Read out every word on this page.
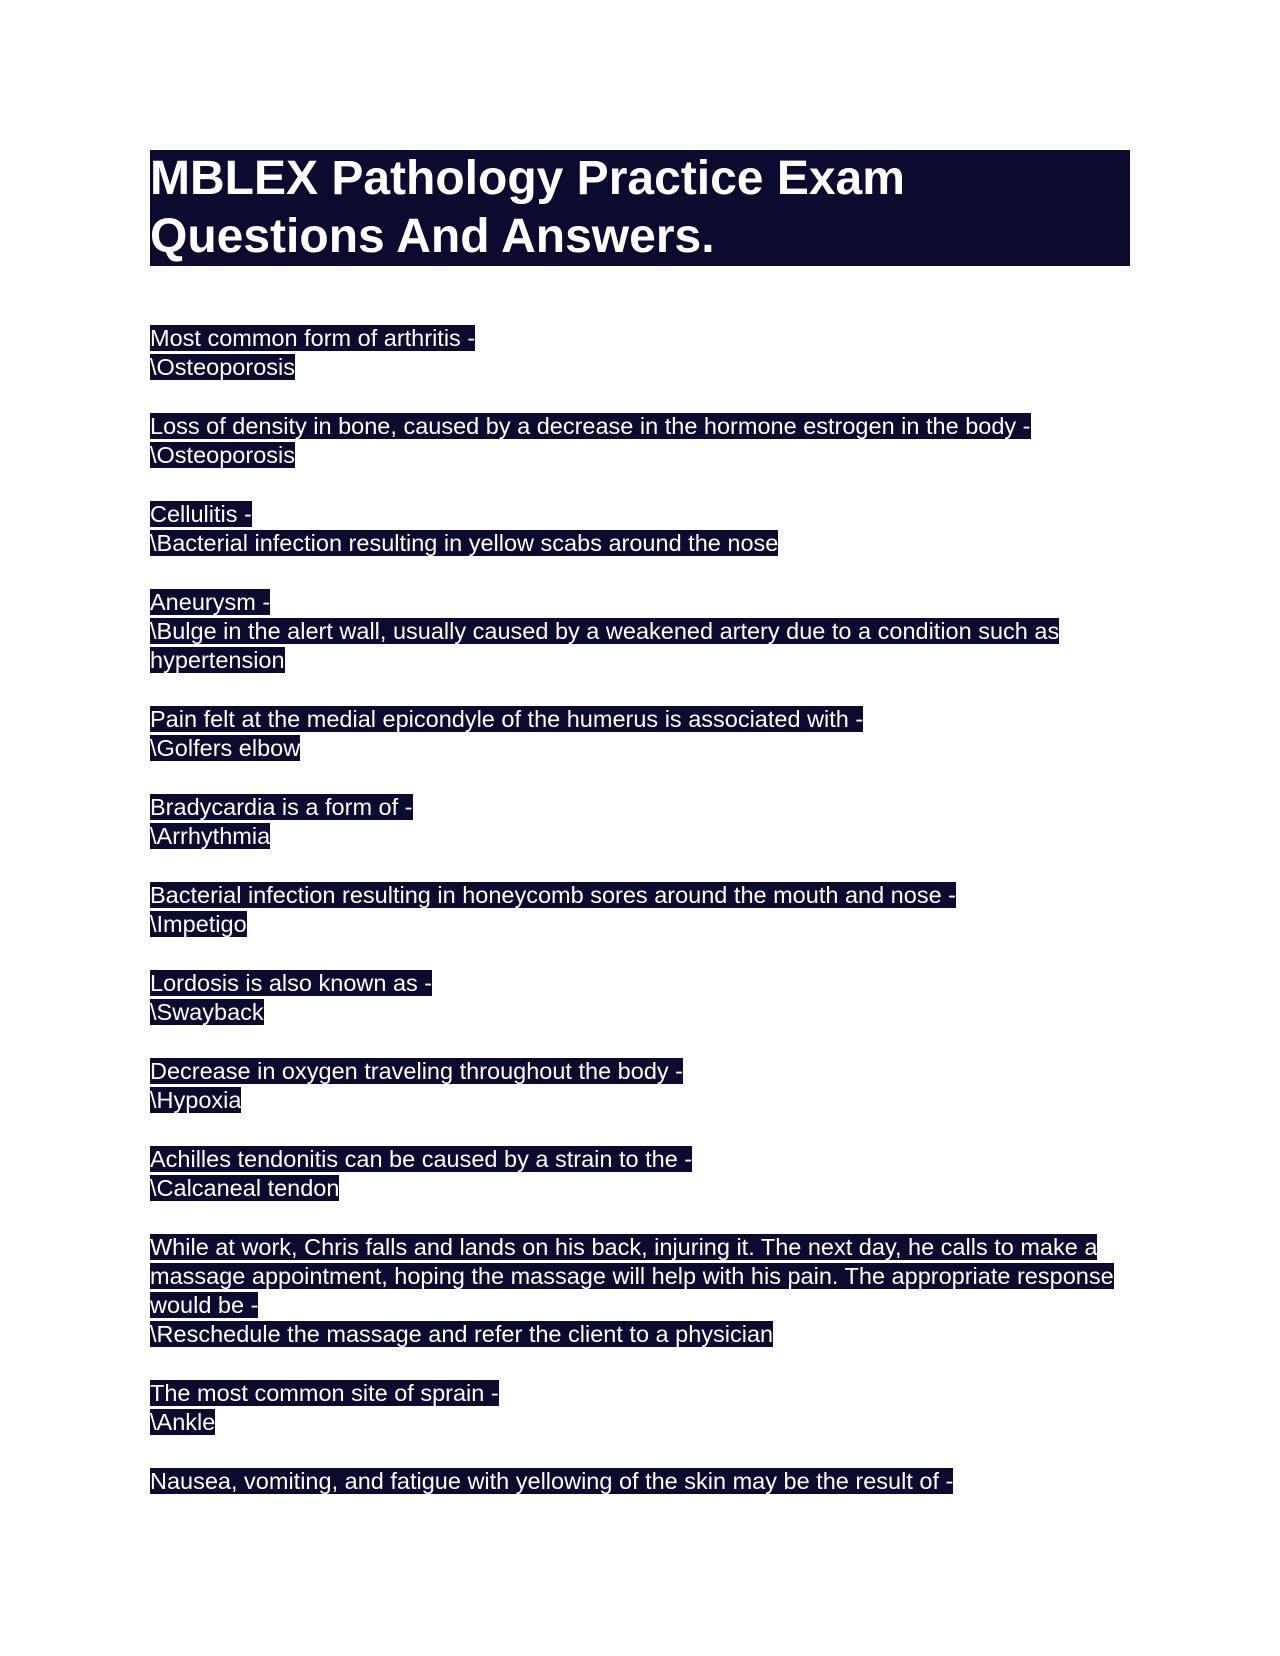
MBLEX Pathology Practice Exam Questions And Answers.
Most common form of arthritis -
\Osteoporosis
Loss of density in bone, caused by a decrease in the hormone estrogen in the body -
\Osteoporosis
Cellulitis -
\Bacterial infection resulting in yellow scabs around the nose
Aneurysm -
\Bulge in the alert wall, usually caused by a weakened artery due to a condition such as hypertension
Pain felt at the medial epicondyle of the humerus is associated with -
\Golfers elbow
Bradycardia is a form of -
\Arrhythmia
Bacterial infection resulting in honeycomb sores around the mouth and nose -
\Impetigo
Lordosis is also known as -
\Swayback
Decrease in oxygen traveling throughout the body -
\Hypoxia
Achilles tendonitis can be caused by a strain to the -
\Calcaneal tendon
While at work, Chris falls and lands on his back, injuring it. The next day, he calls to make a massage appointment, hoping the massage will help with his pain. The appropriate response would be -
\Reschedule the massage and refer the client to a physician
The most common site of sprain -
\Ankle
Nausea, vomiting, and fatigue with yellowing of the skin may be the result of -
